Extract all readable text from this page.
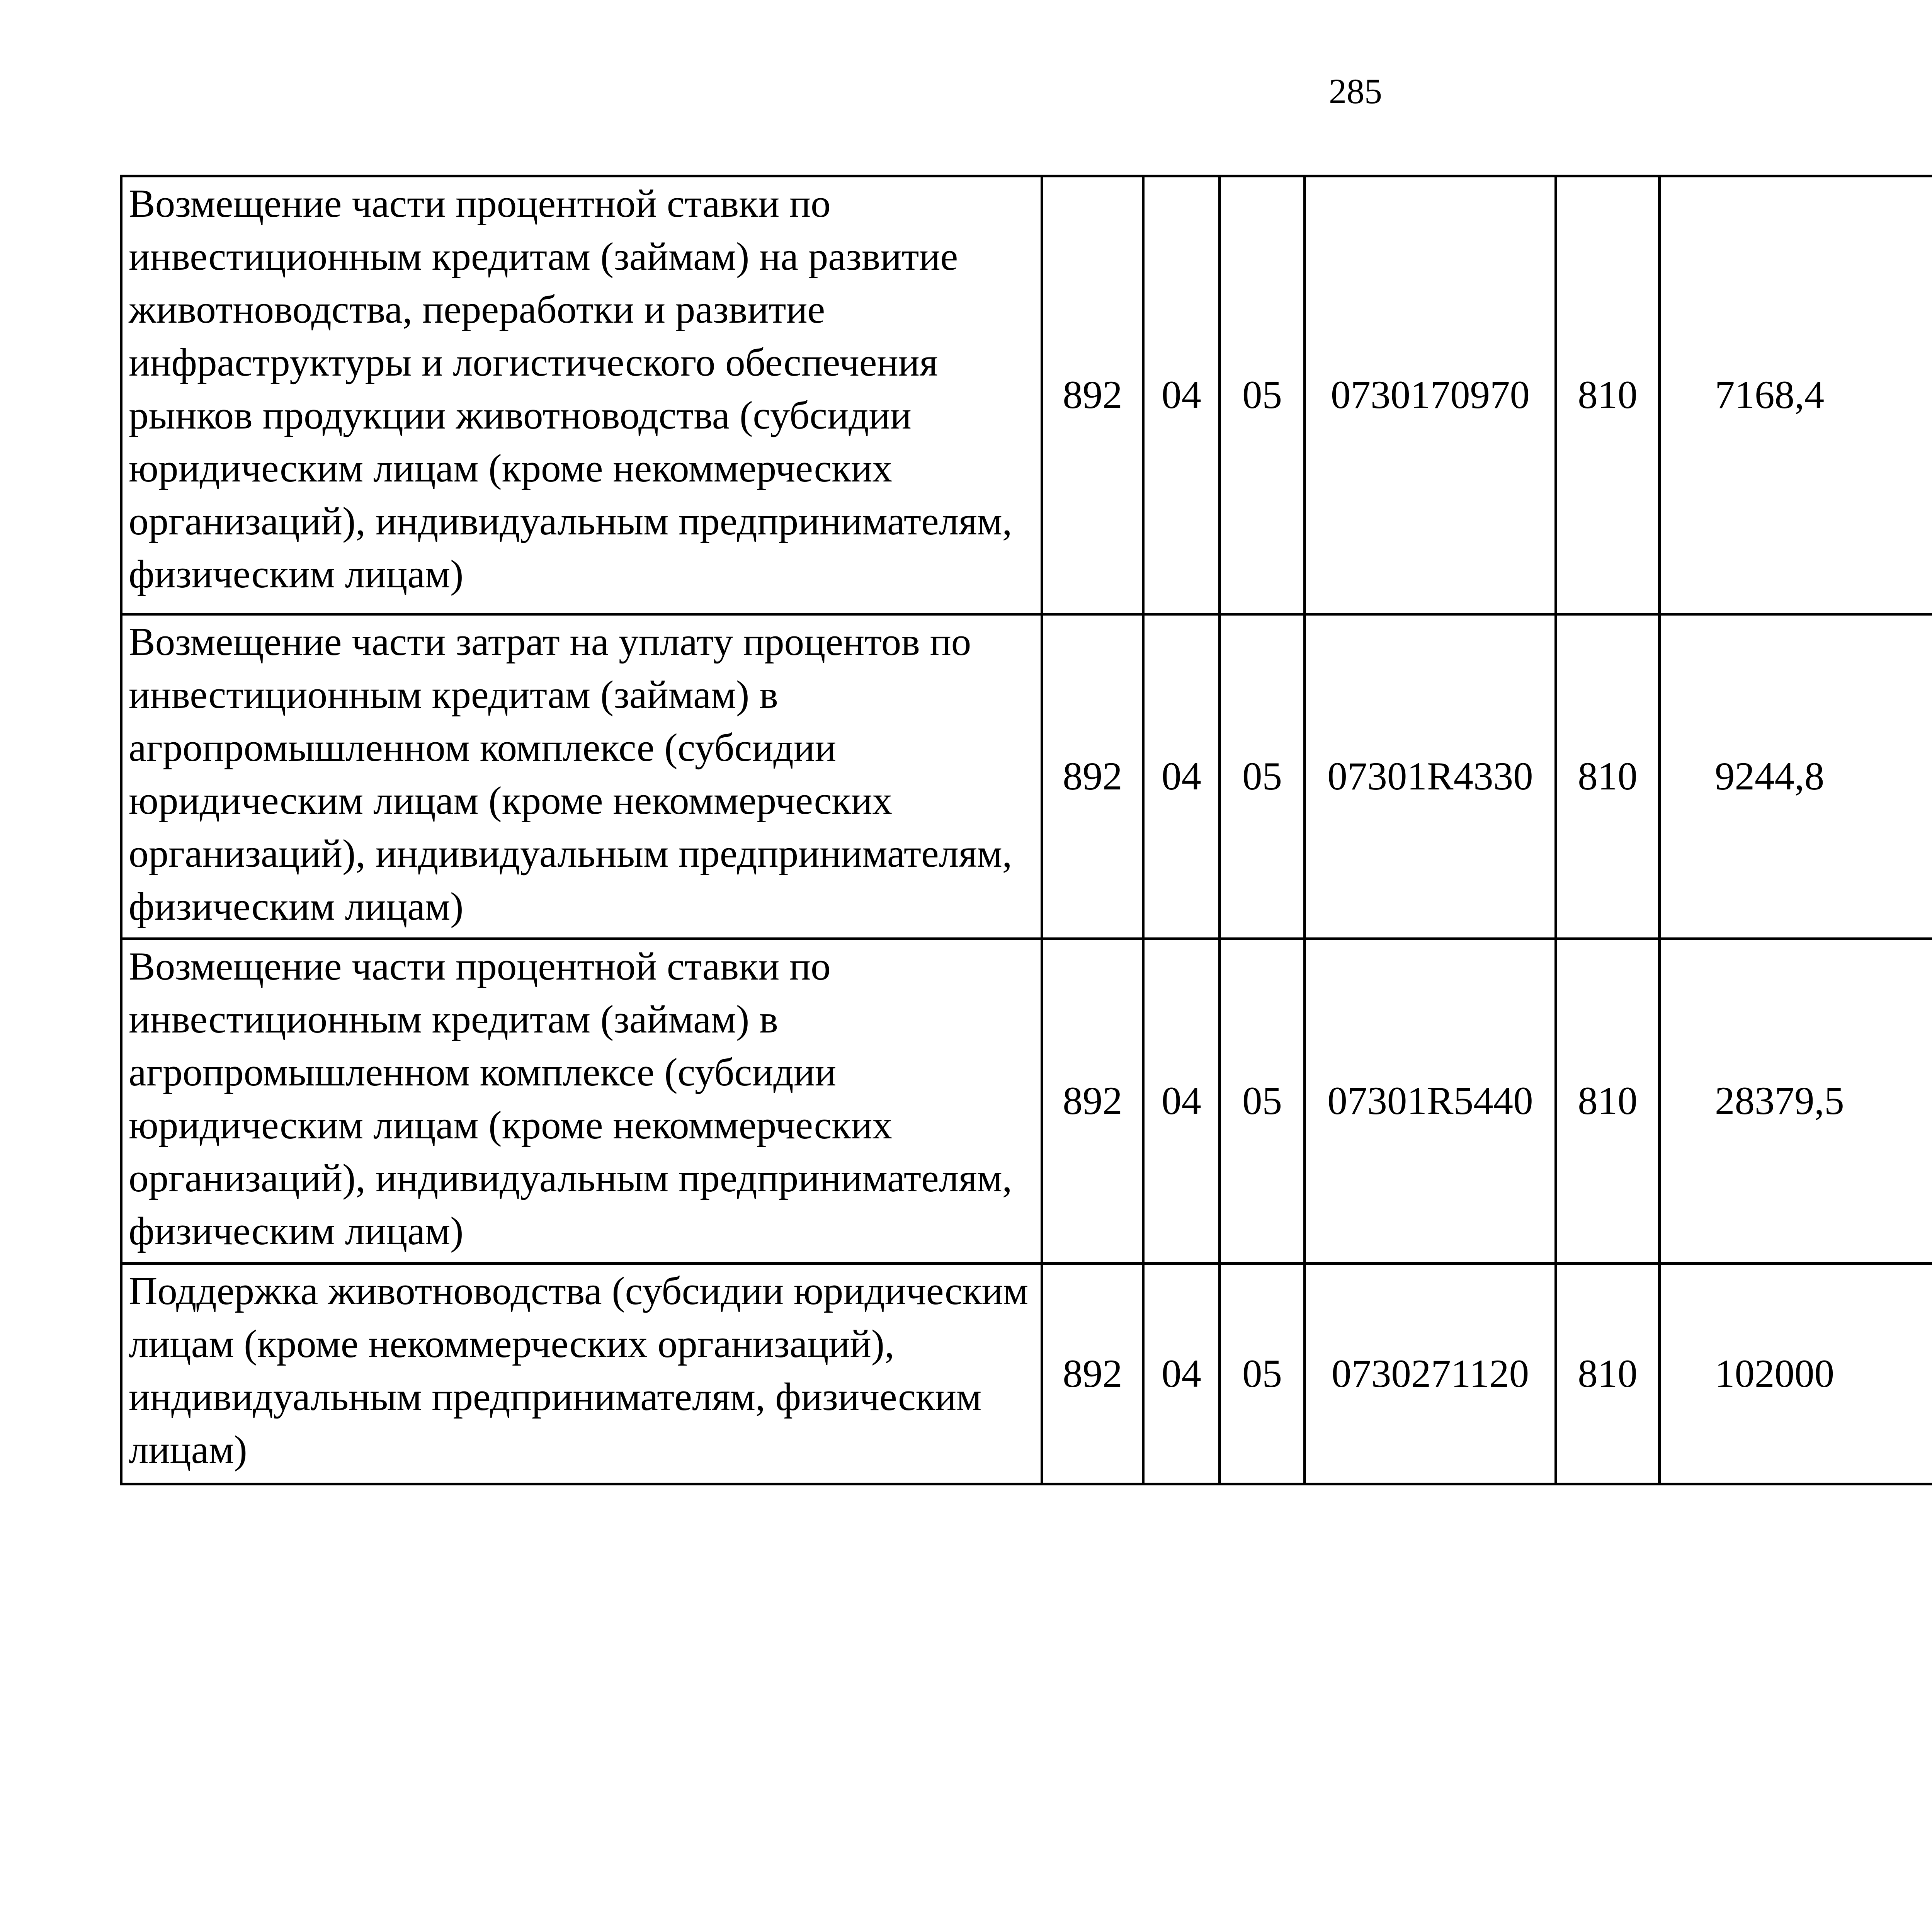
285
Возмещение части процентной ставки по инвестиционным кредитам (займам) на развитие животноводства, переработки и развитие инфраструктуры и логистического обеспечения рынков продукции животноводства (субсидии юридическим лицам (кроме некоммерческих организаций), индивидуальным предпринимателям, физическим лицам)	892	04	05	0730170970	810	7168,4		
Возмещение части затрат на уплату процентов по инвестиционным кредитам (займам) в агропромышленном комплексе (субсидии юридическим лицам (кроме некоммерческих организаций), индивидуальным предпринимателям, физическим лицам)	892	04	05	07301R4330	810	9244,8		
Возмещение части процентной ставки по инвестиционным кредитам (займам) в агропромышленном комплексе (субсидии юридическим лицам (кроме некоммерческих организаций), индивидуальным предпринимателям, физическим лицам)	892	04	05	07301R5440	810	28379,5		
Поддержка животноводства (субсидии юридическим лицам (кроме некоммерческих организаций), индивидуальным предпринимателям, физическим лицам)	892	04	05	0730271120	810	102000		
